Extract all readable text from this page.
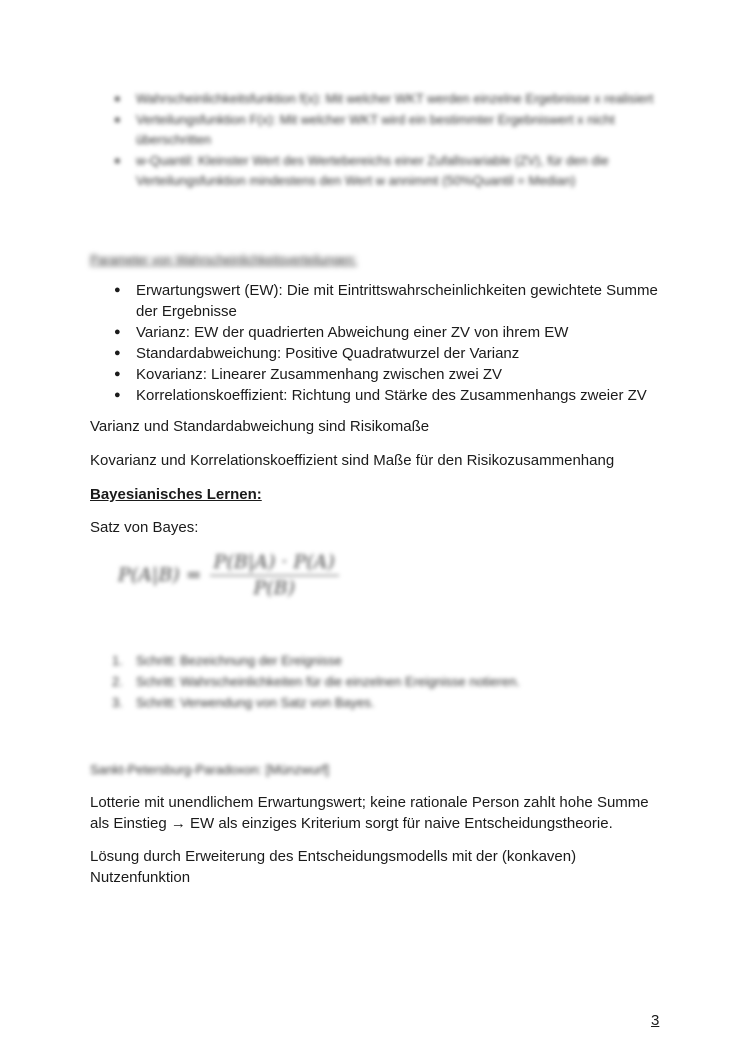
● Wahrscheinlichkeitsfunktion f(x): Mit welcher WKT werden einzelne Ergebnisse x realisiert
● Verteilungsfunktion F(x): Mit welcher WKT wird ein bestimmter Ergebniswert x nicht überschritten
● w-Quantil: Kleinster Wert des Wertebereichs einer Zufallsvariable (ZV), für den die Verteilungsfunktion mindestens den Wert w annimmt (50%Quantil = Median)
Parameter von Wahrscheinlichkeitsverteilungen:
● Erwartungswert (EW): Die mit Eintrittswahrscheinlichkeiten gewichtete Summe der Ergebnisse
● Varianz: EW der quadrierten Abweichung einer ZV von ihrem EW
● Standardabweichung: Positive Quadratwurzel der Varianz
● Kovarianz: Linearer Zusammenhang zwischen zwei ZV
● Korrelationskoeffizient: Richtung und Stärke des Zusammenhangs zweier ZV

Varianz und Standardabweichung sind Risikomaße

Kovarianz und Korrelationskoeffizient sind Maße für den Risikozusammenhang

Bayesianisches Lernen:

Satz von Bayes:

$P(A|B) = \frac{P(B|A) \cdot P(A)}{P(B)}$
1. Schritt: Bezeichnung der Ereignisse
2. Schritt: Wahrscheinlichkeiten für die einzelnen Ereignisse notieren.
3. Schritt: Verwendung von Satz von Bayes.
Sankt-Petersburg-Paradoxon: [Münzwurf]

Lotterie mit unendlichem Erwartungswert; keine rationale Person zahlt hohe Summe als Einstieg → EW als einziges Kriterium sorgt für naive Entscheidungstheorie.

Lösung durch Erweiterung des Entscheidungsmodells mit der (konkaven) Nutzenfunktion

3
